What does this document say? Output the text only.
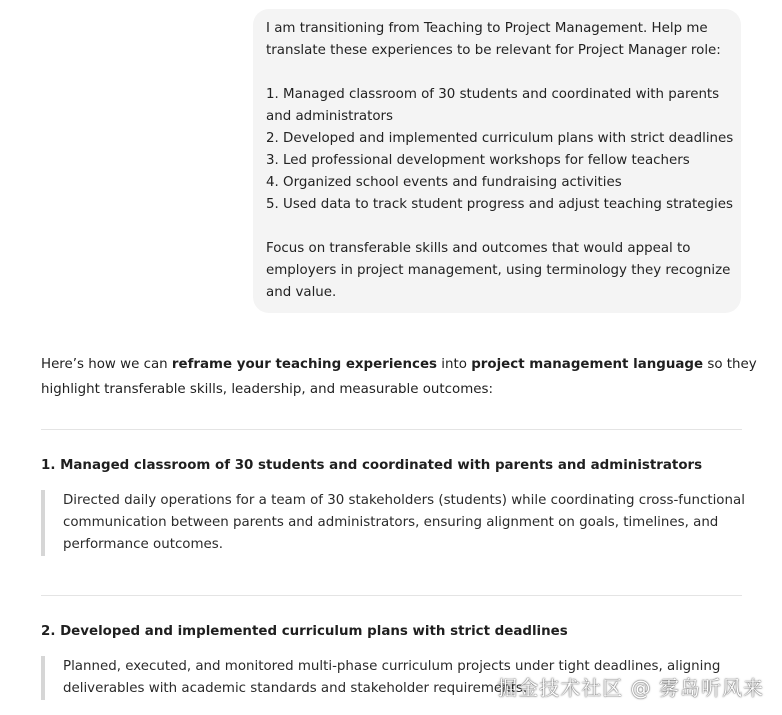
I am transitioning from Teaching to Project Management. Help me

translate these experiences to be relevant for Project Manager role:

1. Managed classroom of 30 students and coordinated with parents

and administrators

2. Developed and implemented curriculum plans with strict deadlines

3. Led professional development workshops for fellow teachers

4. Organized school events and fundraising activities

5. Used data to track student progress and adjust teaching strategies

Focus on transferable skills and outcomes that would appeal to

employers in project management, using terminology they recognize

and value.

Here’s how we can reframe your teaching experiences into project management language so they

highlight transferable skills, leadership, and measurable outcomes:

1. Managed classroom of 30 students and coordinated with parents and administrators

Directed daily operations for a team of 30 stakeholders (students) while coordinating cross-functional

communication between parents and administrators, ensuring alignment on goals, timelines, and

performance outcomes.

2. Developed and implemented curriculum plans with strict deadlines

Planned, executed, and monitored multi-phase curriculum projects under tight deadlines, aligning

deliverables with academic standards and stakeholder requirements.

掘金技术社区 @ 雾岛听风来
